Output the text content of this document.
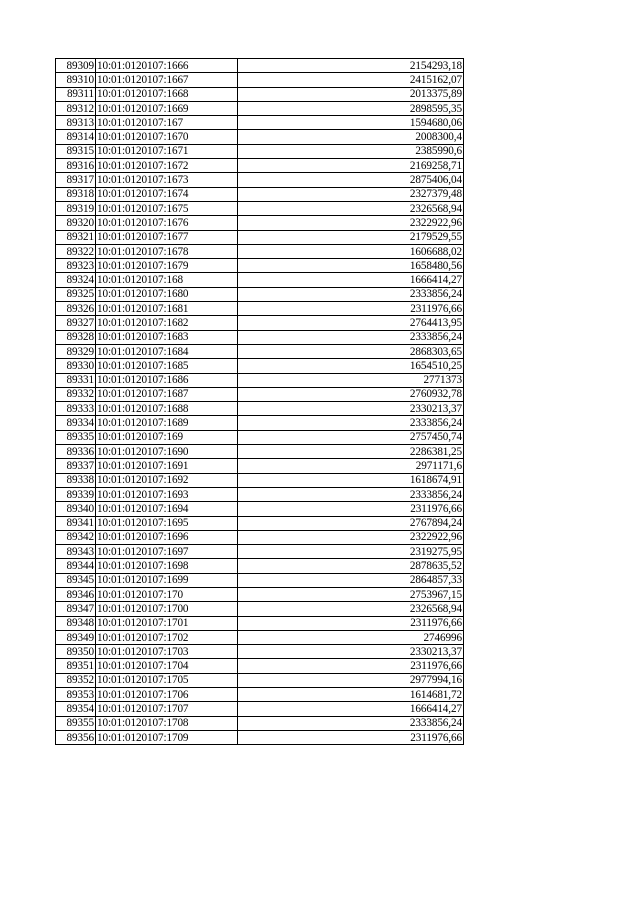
89309	10:01:0120107:1666	2154293,18
89310	10:01:0120107:1667	2415162,07
89311	10:01:0120107:1668	2013375,89
89312	10:01:0120107:1669	2898595,35
89313	10:01:0120107:167	1594680,06
89314	10:01:0120107:1670	2008300,4
89315	10:01:0120107:1671	2385990,6
89316	10:01:0120107:1672	2169258,71
89317	10:01:0120107:1673	2875406,04
89318	10:01:0120107:1674	2327379,48
89319	10:01:0120107:1675	2326568,94
89320	10:01:0120107:1676	2322922,96
89321	10:01:0120107:1677	2179529,55
89322	10:01:0120107:1678	1606688,02
89323	10:01:0120107:1679	1658480,56
89324	10:01:0120107:168	1666414,27
89325	10:01:0120107:1680	2333856,24
89326	10:01:0120107:1681	2311976,66
89327	10:01:0120107:1682	2764413,95
89328	10:01:0120107:1683	2333856,24
89329	10:01:0120107:1684	2868303,65
89330	10:01:0120107:1685	1654510,25
89331	10:01:0120107:1686	2771373
89332	10:01:0120107:1687	2760932,78
89333	10:01:0120107:1688	2330213,37
89334	10:01:0120107:1689	2333856,24
89335	10:01:0120107:169	2757450,74
89336	10:01:0120107:1690	2286381,25
89337	10:01:0120107:1691	2971171,6
89338	10:01:0120107:1692	1618674,91
89339	10:01:0120107:1693	2333856,24
89340	10:01:0120107:1694	2311976,66
89341	10:01:0120107:1695	2767894,24
89342	10:01:0120107:1696	2322922,96
89343	10:01:0120107:1697	2319275,95
89344	10:01:0120107:1698	2878635,52
89345	10:01:0120107:1699	2864857,33
89346	10:01:0120107:170	2753967,15
89347	10:01:0120107:1700	2326568,94
89348	10:01:0120107:1701	2311976,66
89349	10:01:0120107:1702	2746996
89350	10:01:0120107:1703	2330213,37
89351	10:01:0120107:1704	2311976,66
89352	10:01:0120107:1705	2977994,16
89353	10:01:0120107:1706	1614681,72
89354	10:01:0120107:1707	1666414,27
89355	10:01:0120107:1708	2333856,24
89356	10:01:0120107:1709	2311976,66
